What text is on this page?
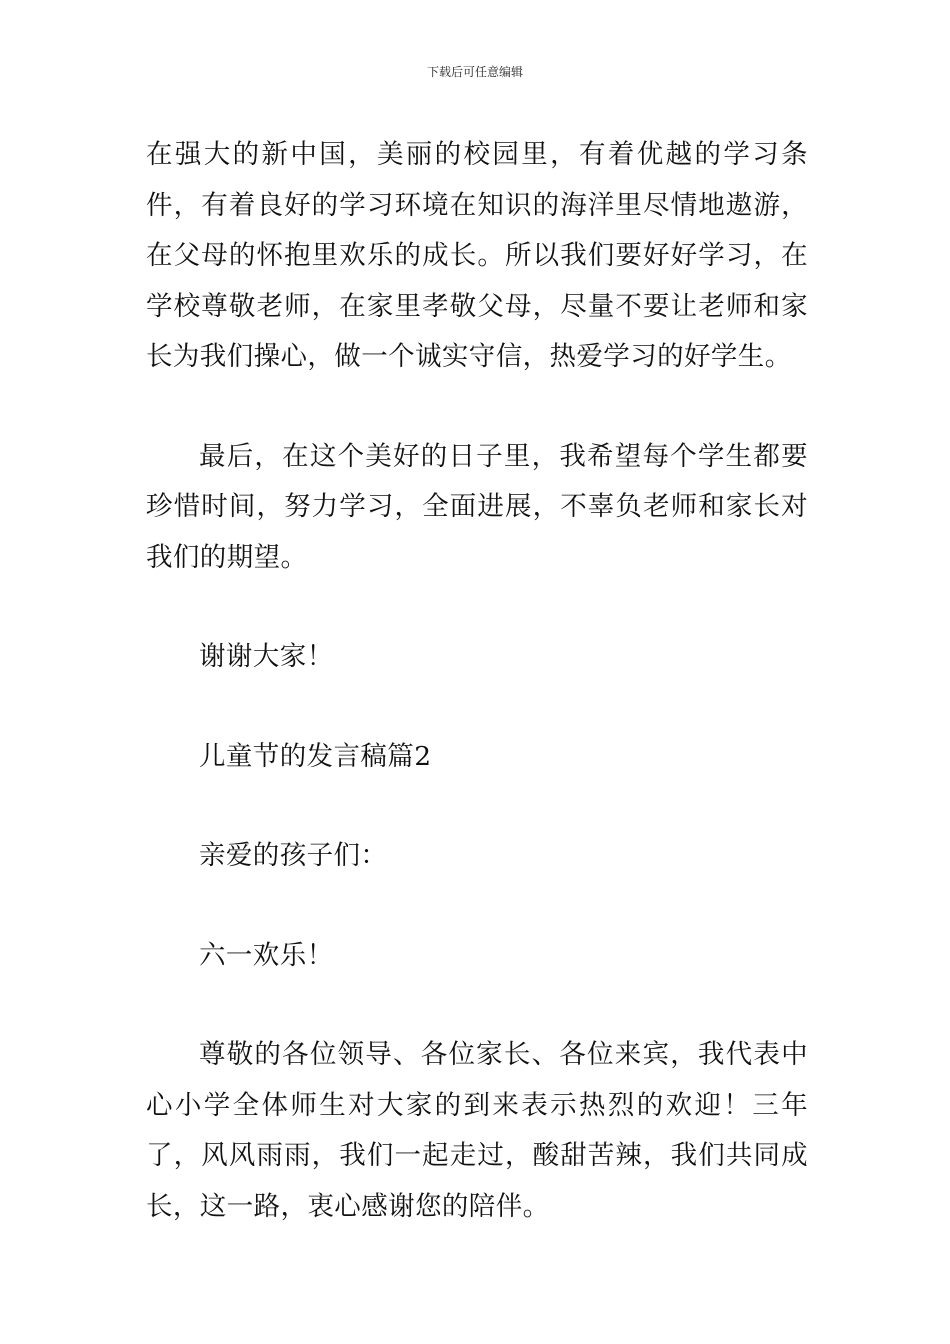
下载后可任意编辑

在强大的新中国，美丽的校园里，有着优越的学习条件，有着良好的学习环境在知识的海洋里尽情地遨游，在父母的怀抱里欢乐的成长。所以我们要好好学习，在学校尊敬老师，在家里孝敬父母，尽量不要让老师和家长为我们操心，做一个诚实守信，热爱学习的好学生。

最后，在这个美好的日子里，我希望每个学生都要珍惜时间，努力学习，全面进展，不辜负老师和家长对我们的期望。

谢谢大家！

儿童节的发言稿篇2

亲爱的孩子们：

六一欢乐！

尊敬的各位领导、各位家长、各位来宾，我代表中心小学全体师生对大家的到来表示热烈的欢迎！三年了，风风雨雨，我们一起走过，酸甜苦辣，我们共同成长，这一路，衷心感谢您的陪伴。
